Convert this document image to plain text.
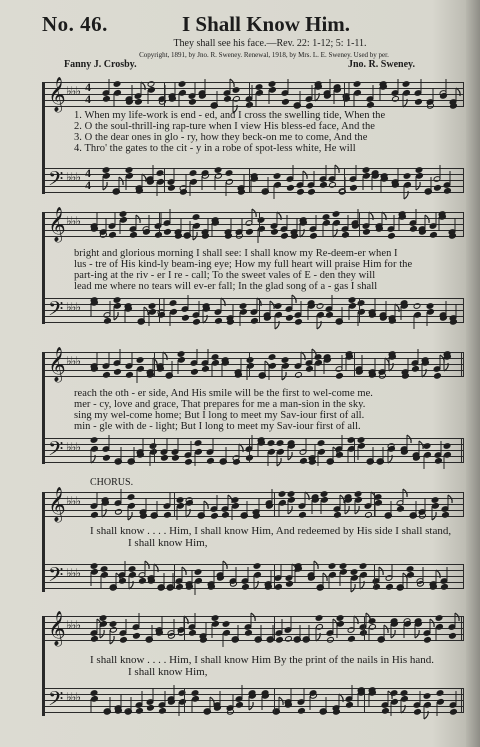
No. 46.	I Shall Know Him.
They shall see his face.—Rev. 22: 1-12; 5: 1-11.
Copyright, 1891, by Jno. R. Sweney. Renewal, 1918, by Mrs. L. E. Sweney. Used by per.
Fanny J. Crosby.	Jno. R. Sweney.
𝄞 ♭♭♭ 4
4
1. When my life-work is end - ed, and I cross the swelling tide, When the
2. O the soul-thrill-ing rap-ture when I view His bless-ed face, And the
3. O the dear ones in glo - ry, how they beck-on me to come, And the
4. Thro' the gates to the cit - y in a robe of spot-less white, He will
𝄢 ♭♭♭ 4
4
𝄞 ♭♭♭
bright and glorious morning I shall see: I shall know my Re-deem-er when I
lus - tre of His kind-ly beam-ing eye; How my full heart will praise Him for the
part-ing at the riv - er I re - call; To the sweet vales of E - den they will
lead me where no tears will ev-er fall; In the glad song of a - gas I shall
𝄢 ♭♭♭
𝄞 ♭♭♭
reach the oth - er side, And His smile will be the first to wel-come me.
mer - cy, love and grace, That prepares for me a man-sion in the sky.
sing my wel-come home; But I long to meet my Sav-iour first of all.
min - gle with de - light; But I long to meet my Sav-iour first of all.
𝄢 ♭♭♭
CHORUS.
𝄞 ♭♭♭
I shall know . . . . Him, I shall know Him, And redeemed by His side I shall stand,
I shall know Him,
𝄢 ♭♭♭
𝄞 ♭♭♭
I shall know . . . . Him, I shall know Him By the print of the nails in His hand.
I shall know Him,
𝄢 ♭♭♭
